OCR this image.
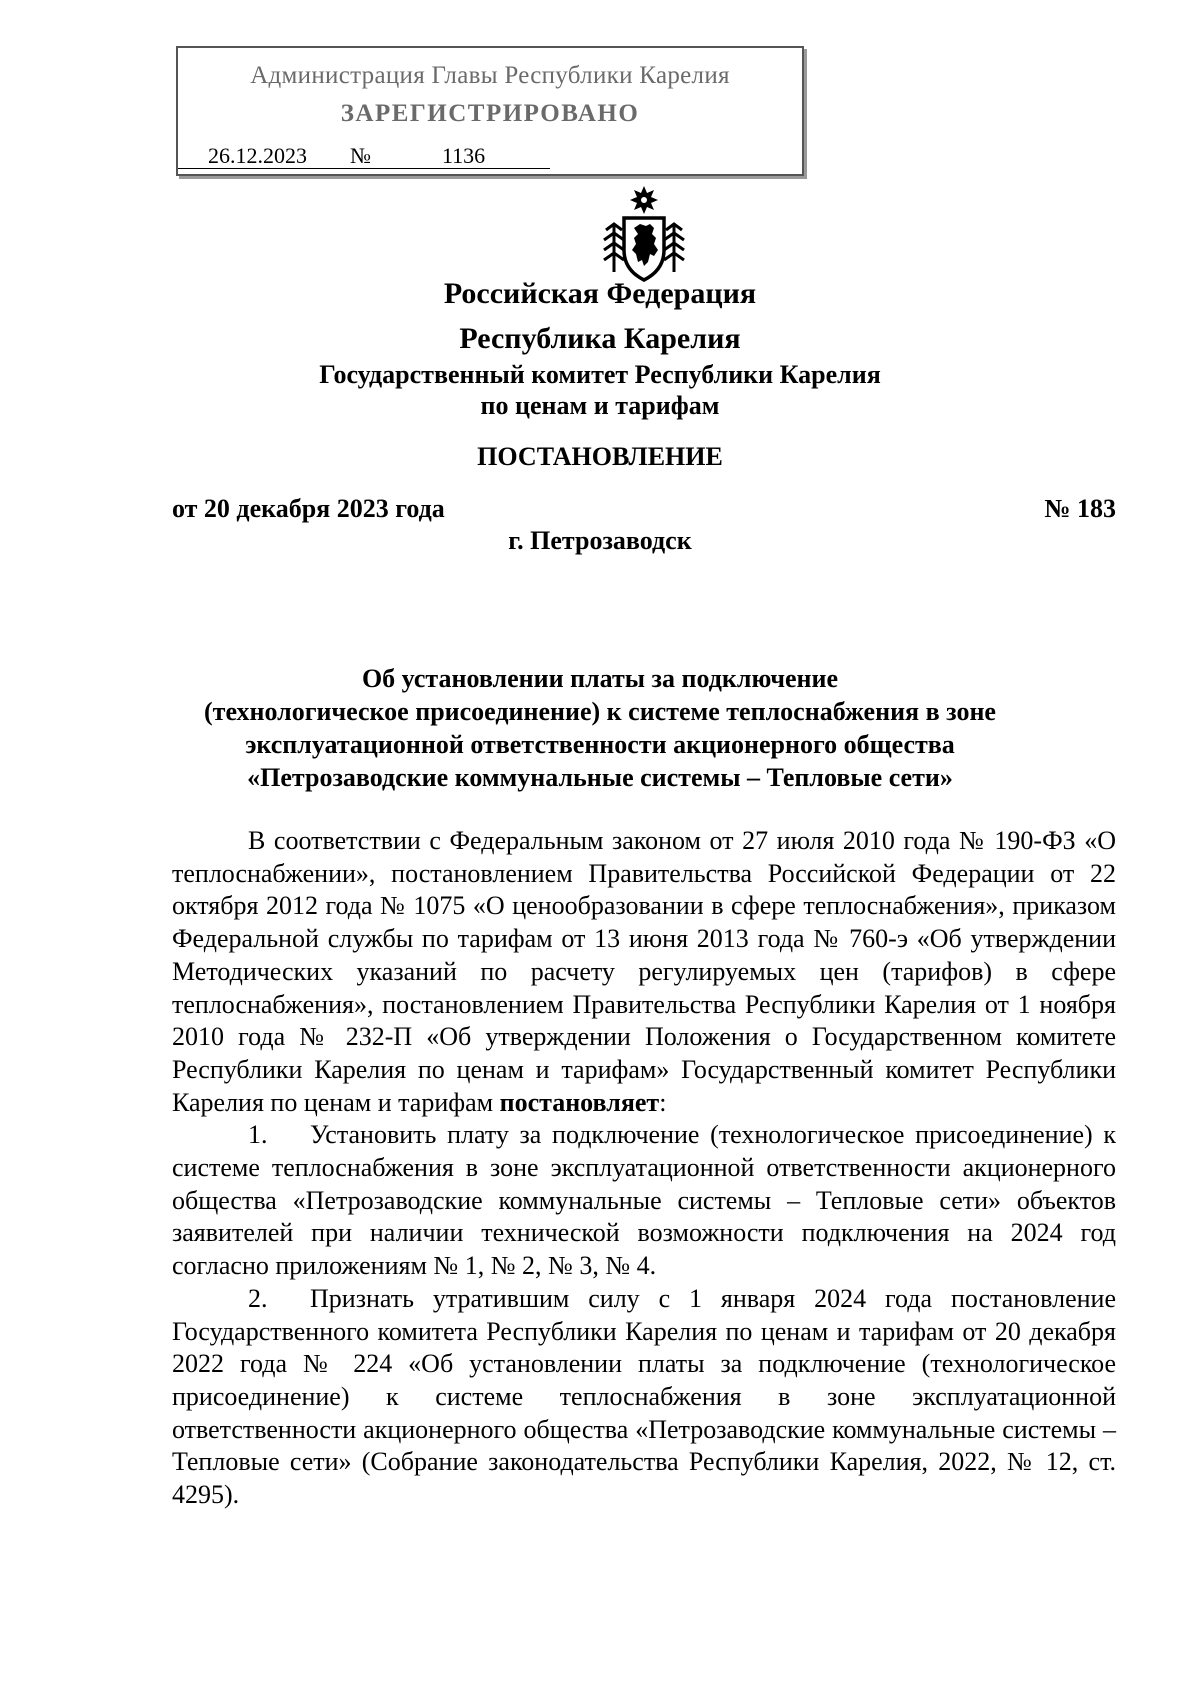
Администрация Главы Республики Карелия
ЗАРЕГИСТРИРОВАНО
26.12.2023 №	1136
Российская Федерация
Республика Карелия
Государственный комитет Республики Карелия
по ценам и тарифам
ПОСТАНОВЛЕНИЕ
от 20 декабря 2023 года	№ 183
г. Петрозаводск
Об установлении платы за подключение
(технологическое присоединение) к системе теплоснабжения в зоне
эксплуатационной ответственности акционерного общества
«Петрозаводские коммунальные системы – Тепловые сети»

В соответствии с Федеральным законом от 27 июля 2010 года № 190-ФЗ «О теплоснабжении», постановлением Правительства Российской Федерации от 22 октября 2012 года № 1075 «О ценообразовании в сфере теплоснабжения», приказом Федеральной службы по тарифам от 13 июня 2013 года № 760-э «Об утверждении Методических указаний по расчету регулируемых цен (тарифов) в сфере теплоснабжения», постановлением Правительства Республики Карелия от 1 ноября 2010 года № 232-П «Об утверждении Положения о Государственном комитете Республики Карелия по ценам и тарифам» Государственный комитет Республики Карелия по ценам и тарифам постановляет:

1. Установить плату за подключение (технологическое присоединение) к системе теплоснабжения в зоне эксплуатационной ответственности акционерного общества «Петрозаводские коммунальные системы – Тепловые сети» объектов заявителей при наличии технической возможности подключения на 2024 год согласно приложениям № 1, № 2, № 3, № 4.

2. Признать утратившим силу с 1 января 2024 года постановление Государственного комитета Республики Карелия по ценам и тарифам от 20 декабря 2022 года № 224 «Об установлении платы за подключение (технологическое присоединение) к системе теплоснабжения в зоне эксплуатационной ответственности акционерного общества «Петрозаводские коммунальные системы – Тепловые сети» (Собрание законодательства Республики Карелия, 2022, № 12, ст. 4295).
